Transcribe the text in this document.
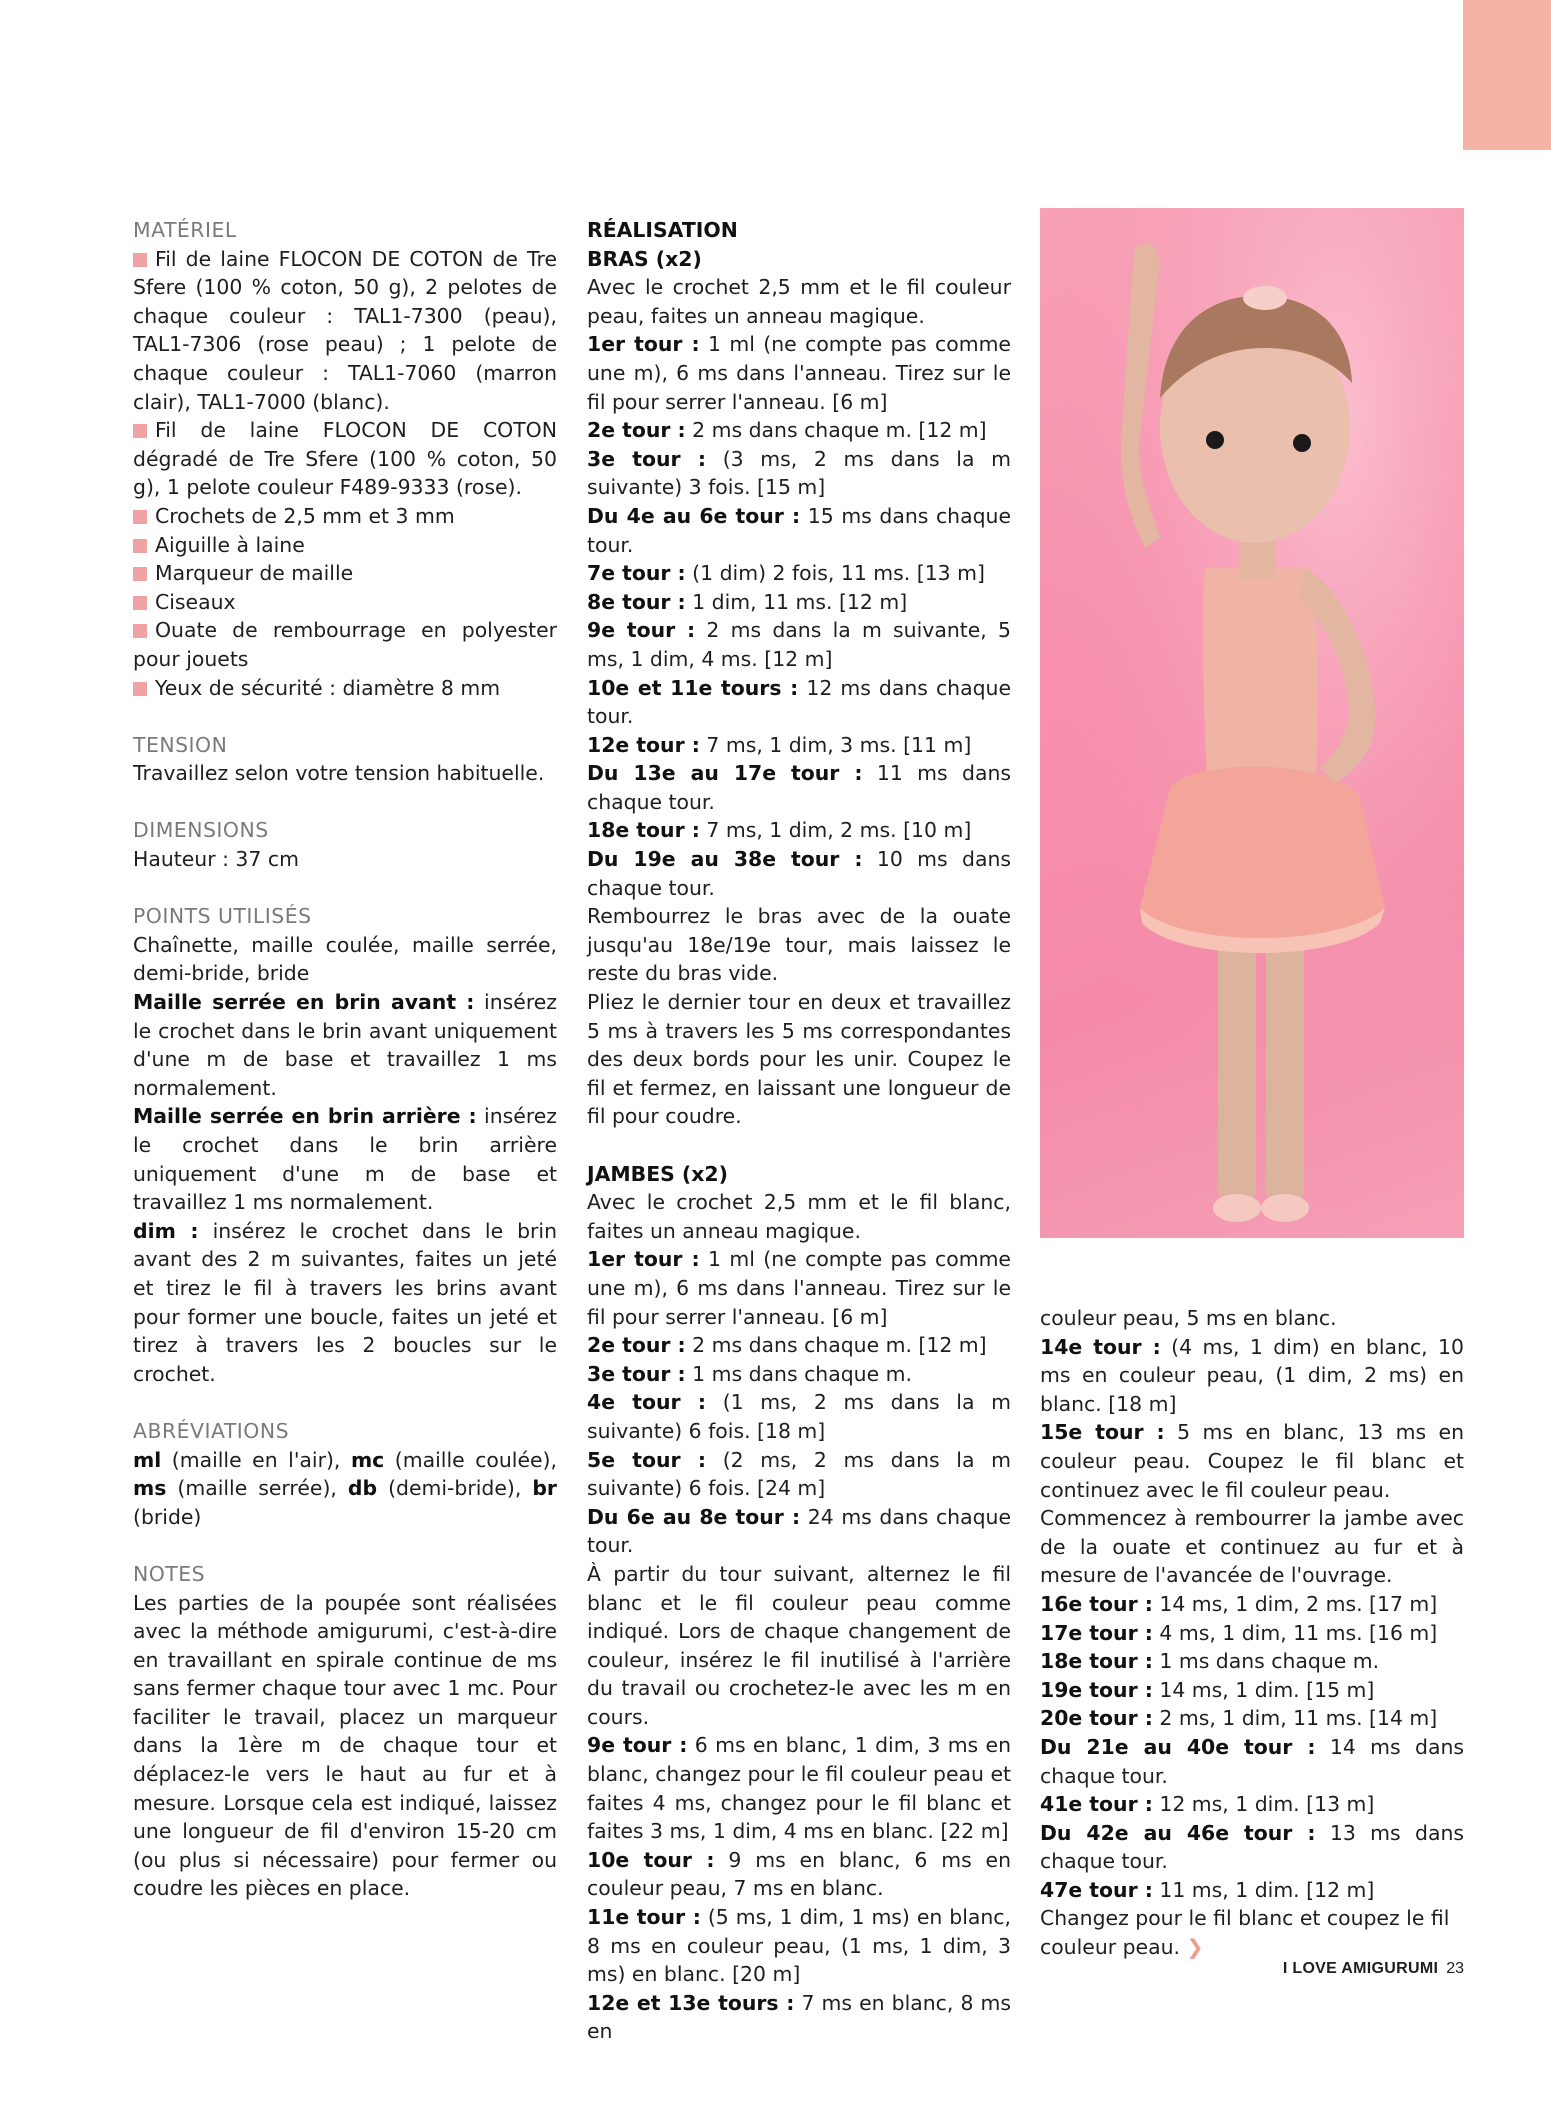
MATÉRIEL

Fil de laine FLOCON DE COTON de Tre Sfere (100 % coton, 50 g), 2 pelotes de chaque couleur : TAL1-7300 (peau), TAL1-7306 (rose peau) ; 1 pelote de chaque couleur : TAL1-7060 (marron clair), TAL1-7000 (blanc).

Fil de laine FLOCON DE COTON dégradé de Tre Sfere (100 % coton, 50 g), 1 pelote couleur F489-9333 (rose).

Crochets de 2,5 mm et 3 mm

Aiguille à laine

Marqueur de maille

Ciseaux

Ouate de rembourrage en polyester pour jouets

Yeux de sécurité : diamètre 8 mm

TENSION

Travaillez selon votre tension habituelle.

DIMENSIONS

Hauteur : 37 cm

POINTS UTILISÉS

Chaînette, maille coulée, maille serrée, demi-bride, bride

Maille serrée en brin avant : insérez le crochet dans le brin avant uniquement d'une m de base et travaillez 1 ms normalement.

Maille serrée en brin arrière : insérez le crochet dans le brin arrière uniquement d'une m de base et travaillez 1 ms normalement.

dim : insérez le crochet dans le brin avant des 2 m suivantes, faites un jeté et tirez le fil à travers les brins avant pour former une boucle, faites un jeté et tirez à travers les 2 boucles sur le crochet.

ABRÉVIATIONS

ml (maille en l'air), mc (maille coulée), ms (maille serrée), db (demi-bride), br (bride)

NOTES

Les parties de la poupée sont réalisées avec la méthode amigurumi, c'est-à-dire en travaillant en spirale continue de ms sans fermer chaque tour avec 1 mc. Pour faciliter le travail, placez un marqueur dans la 1ère m de chaque tour et déplacez-le vers le haut au fur et à mesure. Lorsque cela est indiqué, laissez une longueur de fil d'environ 15-20 cm (ou plus si nécessaire) pour fermer ou coudre les pièces en place.

RÉALISATION

BRAS (x2)

Avec le crochet 2,5 mm et le fil couleur peau, faites un anneau magique.

1er tour : 1 ml (ne compte pas comme une m), 6 ms dans l'anneau. Tirez sur le fil pour serrer l'anneau. [6 m]

2e tour : 2 ms dans chaque m. [12 m]

3e tour : (3 ms, 2 ms dans la m suivante) 3 fois. [15 m]

Du 4e au 6e tour : 15 ms dans chaque tour.

7e tour : (1 dim) 2 fois, 11 ms. [13 m]

8e tour : 1 dim, 11 ms. [12 m]

9e tour : 2 ms dans la m suivante, 5 ms, 1 dim, 4 ms. [12 m]

10e et 11e tours : 12 ms dans chaque tour.

12e tour : 7 ms, 1 dim, 3 ms. [11 m]

Du 13e au 17e tour : 11 ms dans chaque tour.

18e tour : 7 ms, 1 dim, 2 ms. [10 m]

Du 19e au 38e tour : 10 ms dans chaque tour.

Rembourrez le bras avec de la ouate jusqu'au 18e/19e tour, mais laissez le reste du bras vide.

Pliez le dernier tour en deux et travaillez 5 ms à travers les 5 ms correspondantes des deux bords pour les unir. Coupez le fil et fermez, en laissant une longueur de fil pour coudre.

JAMBES (x2)

Avec le crochet 2,5 mm et le fil blanc, faites un anneau magique.

1er tour : 1 ml (ne compte pas comme une m), 6 ms dans l'anneau. Tirez sur le fil pour serrer l'anneau. [6 m]

2e tour : 2 ms dans chaque m. [12 m]

3e tour : 1 ms dans chaque m.

4e tour : (1 ms, 2 ms dans la m suivante) 6 fois. [18 m]

5e tour : (2 ms, 2 ms dans la m suivante) 6 fois. [24 m]

Du 6e au 8e tour : 24 ms dans chaque tour.

À partir du tour suivant, alternez le fil blanc et le fil couleur peau comme indiqué. Lors de chaque changement de couleur, insérez le fil inutilisé à l'arrière du travail ou crochetez-le avec les m en cours.

9e tour : 6 ms en blanc, 1 dim, 3 ms en blanc, changez pour le fil couleur peau et faites 4 ms, changez pour le fil blanc et faites 3 ms, 1 dim, 4 ms en blanc. [22 m]

10e tour : 9 ms en blanc, 6 ms en couleur peau, 7 ms en blanc.

11e tour : (5 ms, 1 dim, 1 ms) en blanc, 8 ms en couleur peau, (1 ms, 1 dim, 3 ms) en blanc. [20 m]

12e et 13e tours : 7 ms en blanc, 8 ms en

couleur peau, 5 ms en blanc.

14e tour : (4 ms, 1 dim) en blanc, 10 ms en couleur peau, (1 dim, 2 ms) en blanc. [18 m]

15e tour : 5 ms en blanc, 13 ms en couleur peau. Coupez le fil blanc et continuez avec le fil couleur peau.

Commencez à rembourrer la jambe avec de la ouate et continuez au fur et à mesure de l'avancée de l'ouvrage.

16e tour : 14 ms, 1 dim, 2 ms. [17 m]

17e tour : 4 ms, 1 dim, 11 ms. [16 m]

18e tour : 1 ms dans chaque m.

19e tour : 14 ms, 1 dim. [15 m]

20e tour : 2 ms, 1 dim, 11 ms. [14 m]

Du 21e au 40e tour : 14 ms dans chaque tour.

41e tour : 12 ms, 1 dim. [13 m]

Du 42e au 46e tour : 13 ms dans chaque tour.

47e tour : 11 ms, 1 dim. [12 m]

Changez pour le fil blanc et coupez le fil couleur peau. ❯

I LOVE AMIGURUMI 23
